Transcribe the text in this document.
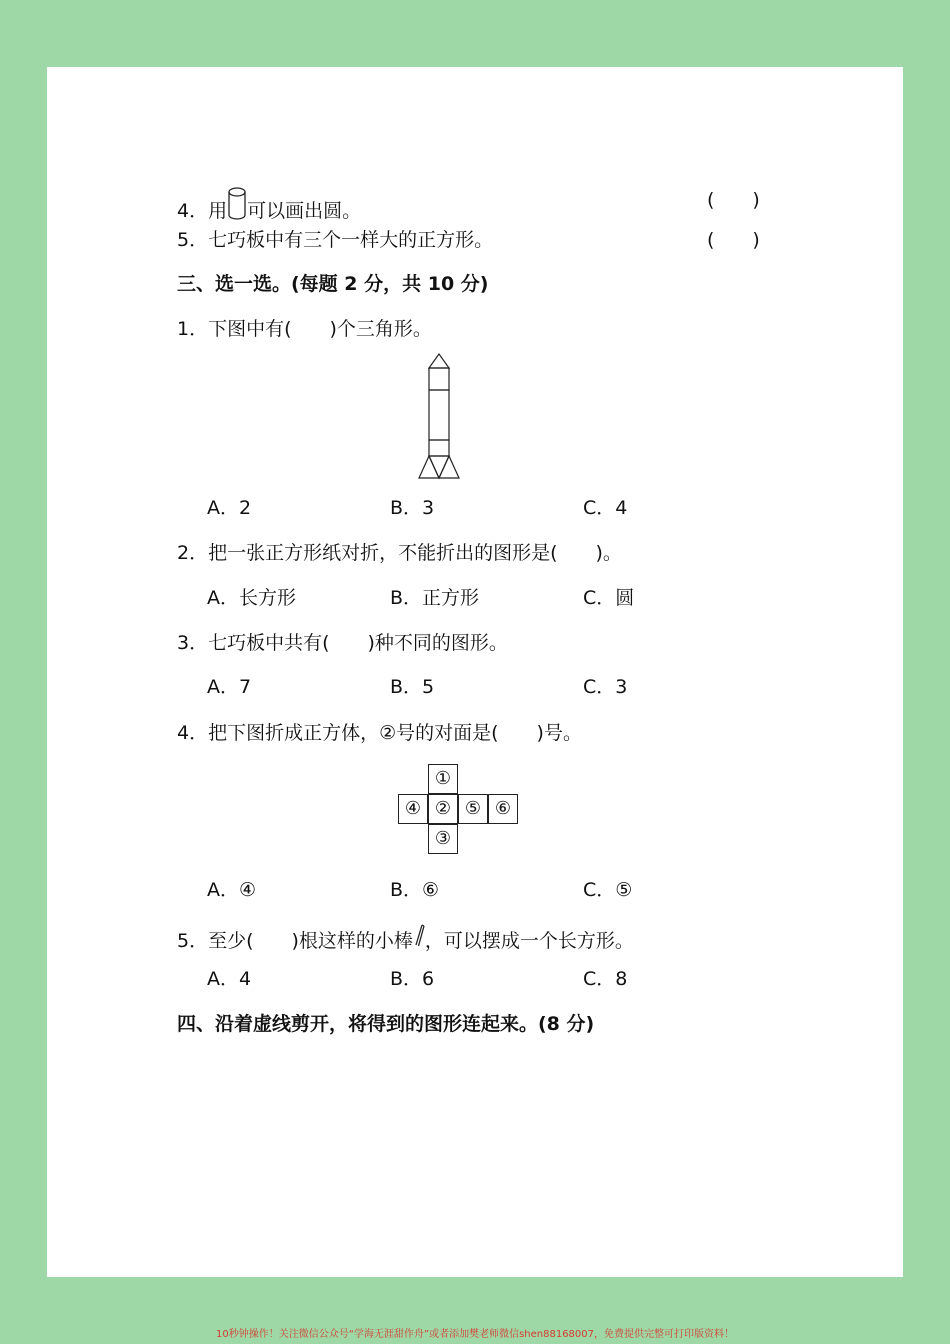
4．用 可以画出圆。	(　　)
5．七巧板中有三个一样大的正方形。	(　　)
三、选一选。(每题 2 分，共 10 分)
1．下图中有(　　)个三角形。
A．2	B．3	C．4
2．把一张正方形纸对折，不能折出的图形是(　　)。
A．长方形	B．正方形	C．圆
3．七巧板中共有(　　)种不同的图形。
A．7	B．5	C．3
4．把下图折成正方体，②号的对面是(　　)号。
①
④ ② ⑤ ⑥
③
A．④	B．⑥	C．⑤
5．至少(　　)根这样的小棒 ，可以摆成一个长方形。
A．4	B．6	C．8
四、沿着虚线剪开，将得到的图形连起来。(8 分)
10秒钟操作！关注微信公众号“学海无涯甜作舟”或者添加樊老师微信shen88168007，免费提供完整可打印版资料！
